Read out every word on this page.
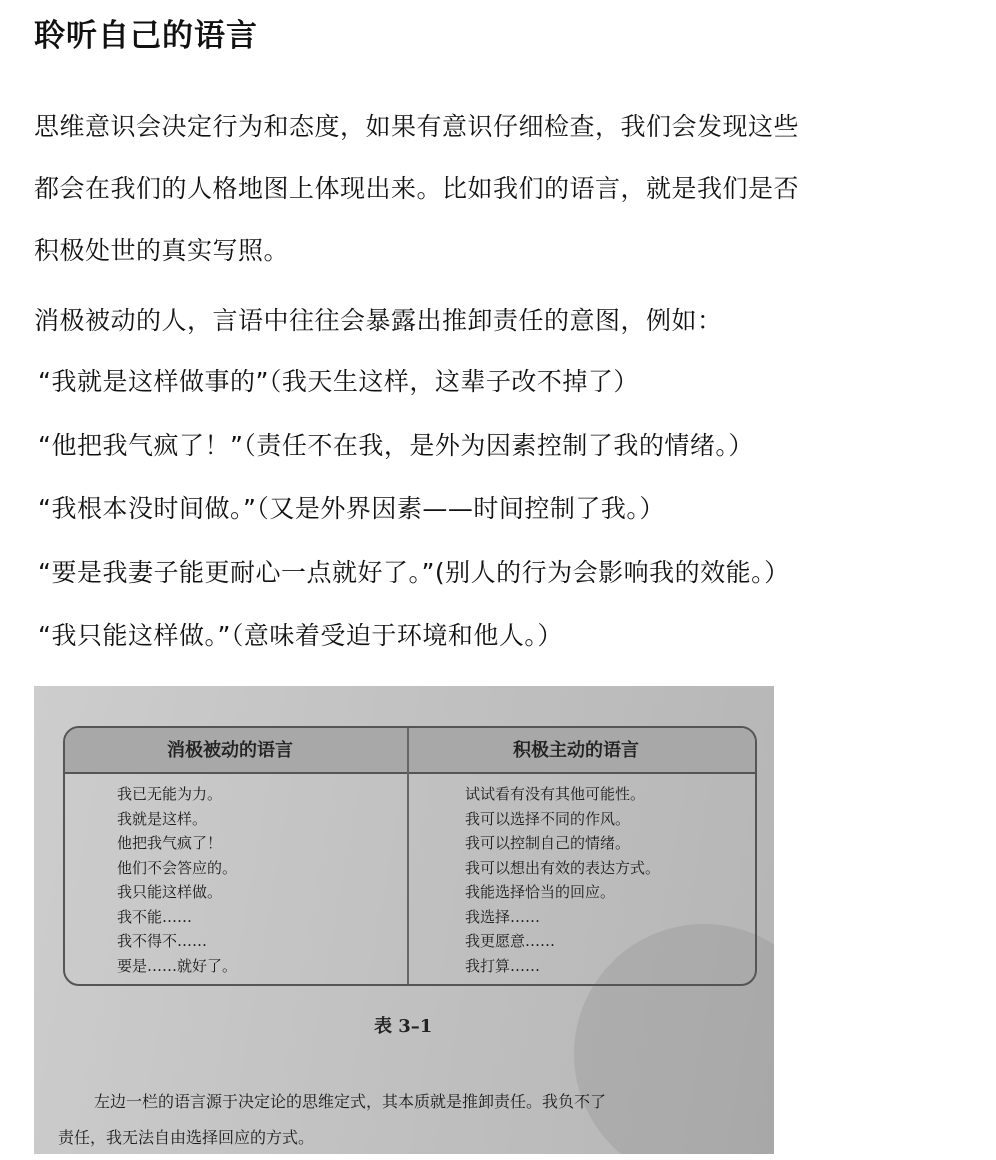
聆听自己的语言
思维意识会决定行为和态度，如果有意识仔细检查，我们会发现这些
都会在我们的人格地图上体现出来。比如我们的语言，就是我们是否
积极处世的真实写照。
消极被动的人，言语中往往会暴露出推卸责任的意图，例如：
“我就是这样做事的”（我天生这样，这辈子改不掉了）
“他把我气疯了！”（责任不在我，是外为因素控制了我的情绪。）
“我根本没时间做。”（又是外界因素——时间控制了我。）
“要是我妻子能更耐心一点就好了。”(别人的行为会影响我的效能。）
“我只能这样做。”（意味着受迫于环境和他人。）
消极被动的语言	积极主动的语言
我已无能为力。
我就是这样。
他把我气疯了！
他们不会答应的。
我只能这样做。
我不能……
我不得不……
要是……就好了。
试试看有没有其他可能性。
我可以选择不同的作风。
我可以控制自己的情绪。
我可以想出有效的表达方式。
我能选择恰当的回应。
我选择……
我更愿意……
我打算……
表 3–1
左边一栏的语言源于决定论的思维定式，其本质就是推卸责任。我负不了
责任，我无法自由选择回应的方式。
